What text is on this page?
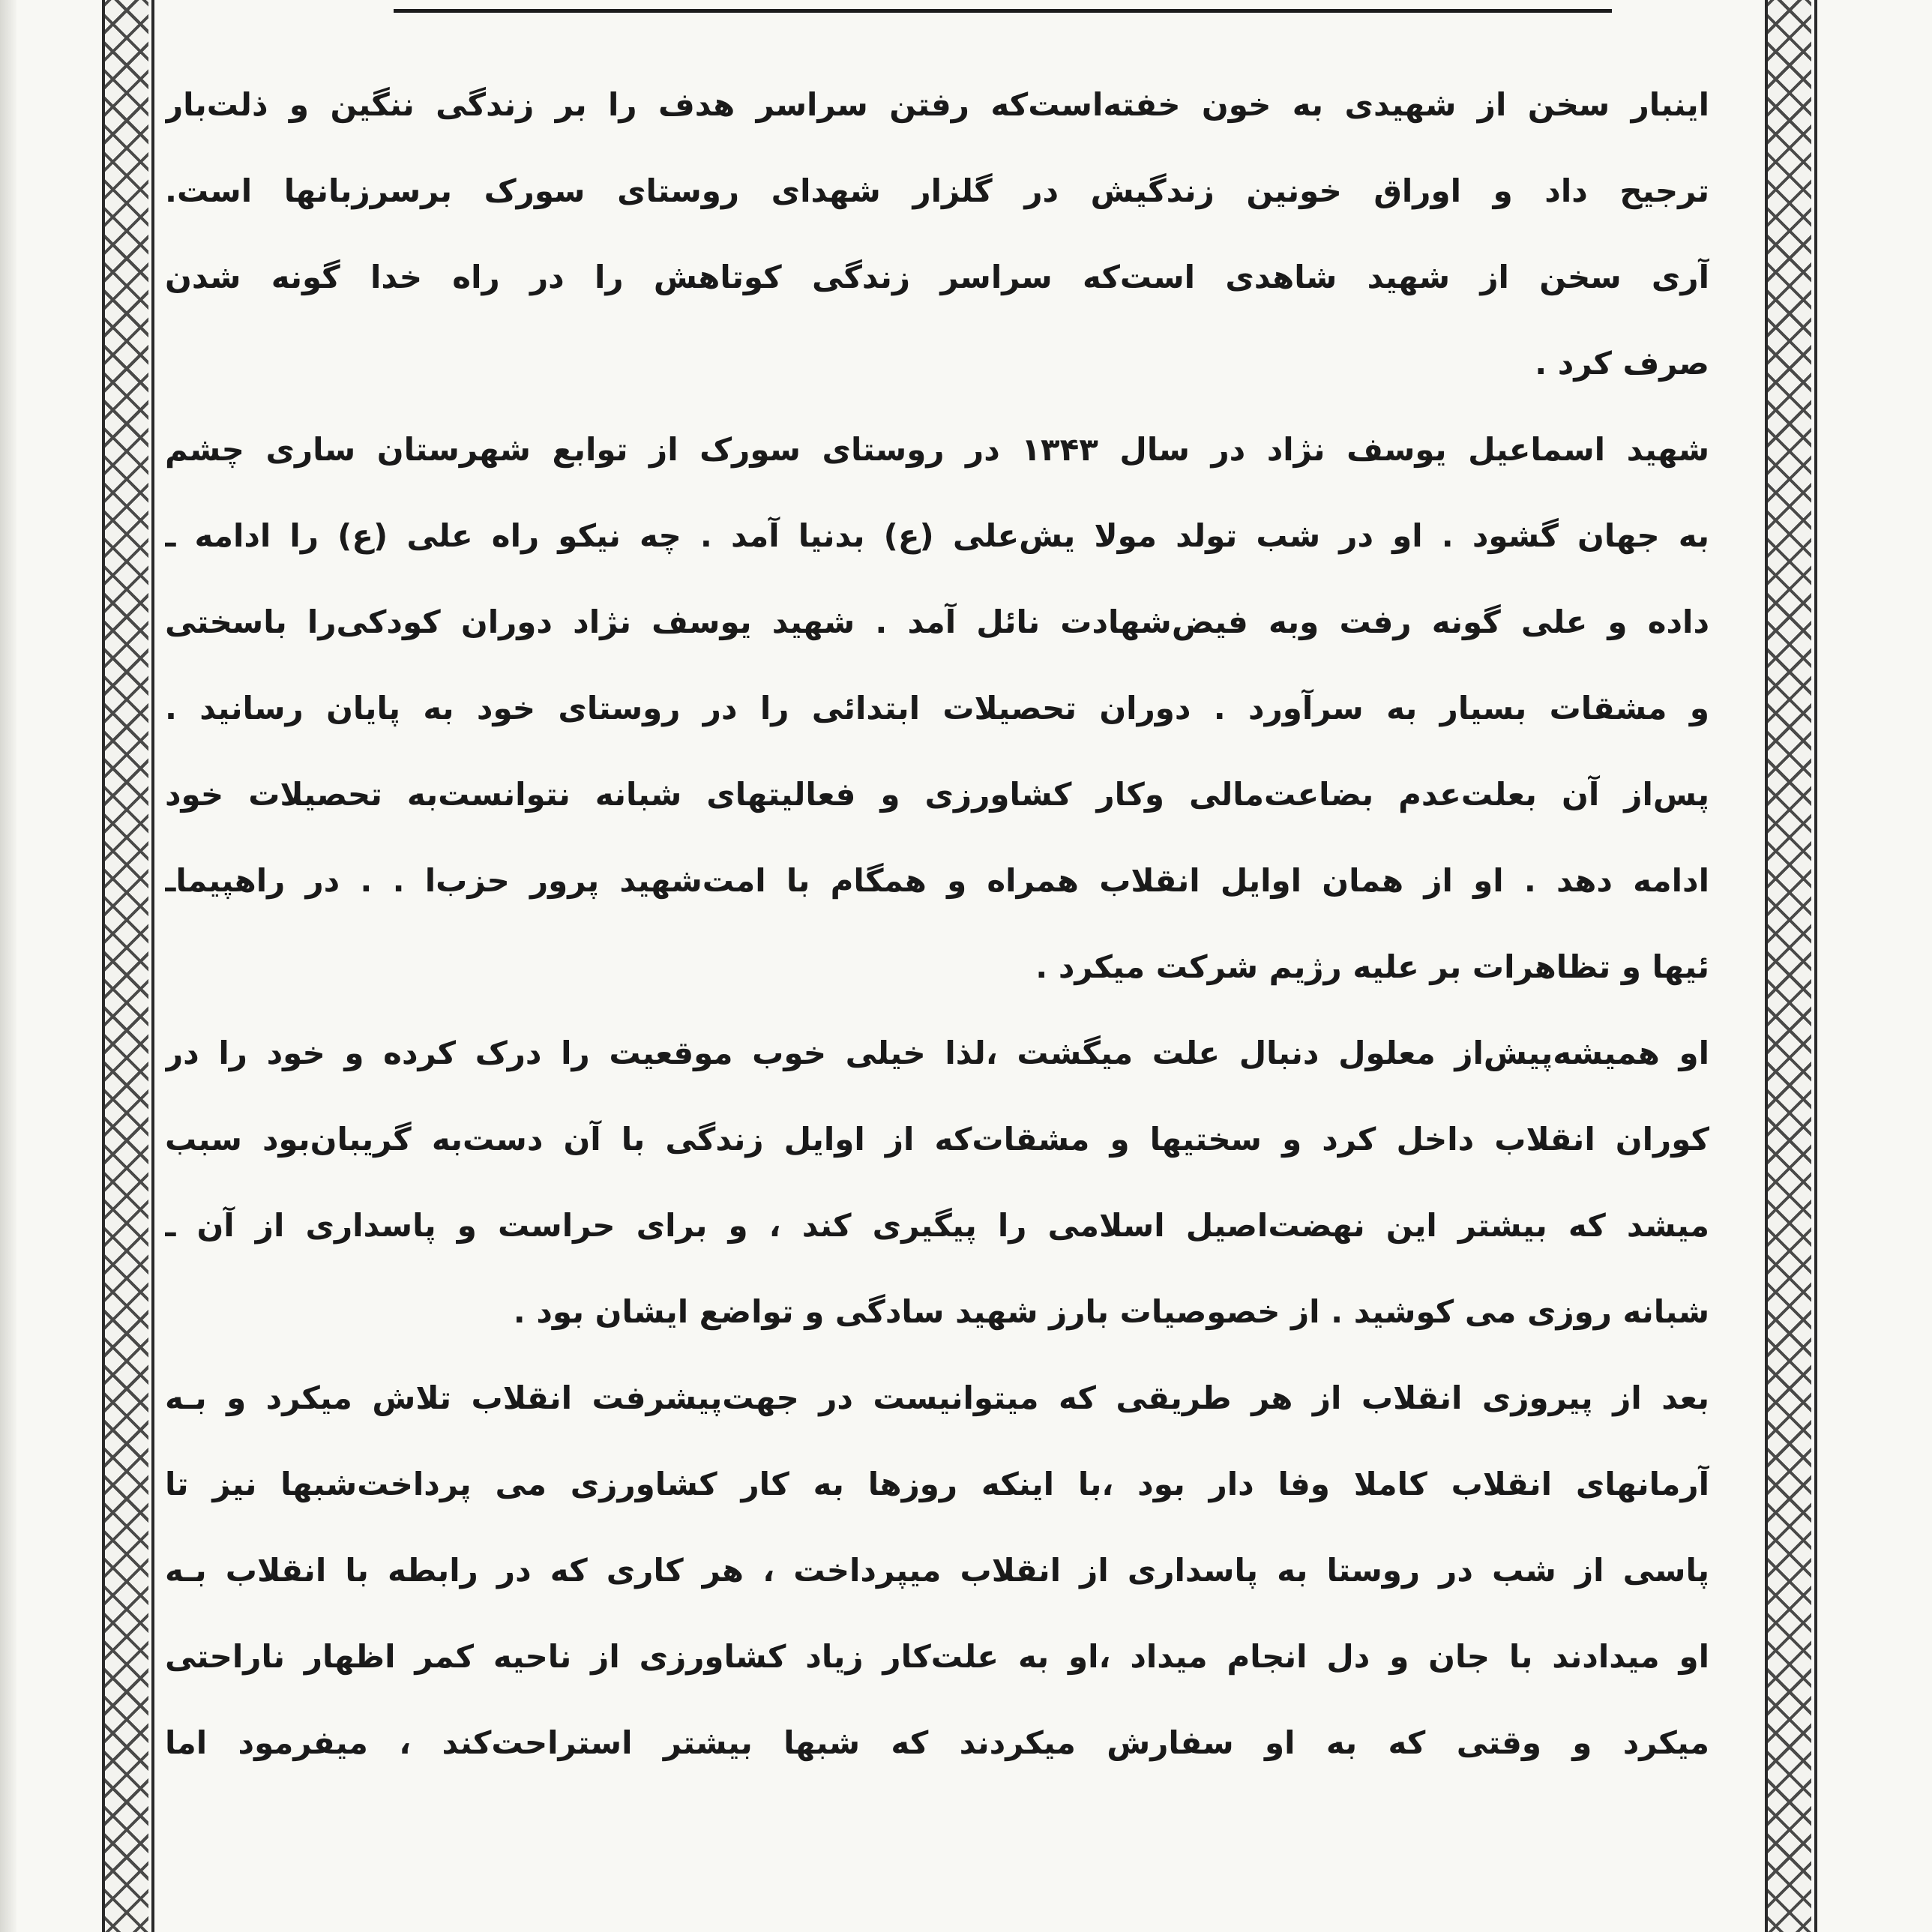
اینبار سخن از شهیدی به خون خفته‌است‌که رفتن سراسر هدف را بر زندگی ننگین و ذلت‌بار
ترجیح داد و اوراق خونین زندگیش در گلزار شهدای روستای سورک برسرزبانها است.
آری سخن از شهید شاهدی است‌که سراسر زندگی کوتاهش را در راه خدا گونه شدن
صرف کرد .
شهید اسماعیل یوسف نژاد در سال ۱۳۴۳ در روستای سورک از توابع شهرستان ساری چشم
به جهان گشود . او در شب تولد مولا یش‌علی (ع) بدنیا آمد . چه نیکو راه علی (ع) را ادامه ـ
داده و علی گونه رفت وبه فیض‌شهادت نائل آمد . شهید یوسف نژاد دوران کودکی‌را باسختی
و مشقات بسیار به سرآورد . دوران تحصیلات ابتدائی را در روستای خود به پایان رسانید .
پس‌از آن بعلت‌عدم بضاعت‌مالی وکار کشاورزی و فعالیتهای شبانه نتوانست‌به تحصیلات خود
ادامه دهد . او از همان اوایل انقلاب همراه و همگام با امت‌شهید پرور حزب‌ا . . در راهپیماـ
ئیها و تظاهرات بر علیه رژیم شرکت میکرد .
او همیشه‌پیش‌از معلول دنبال علت میگشت ،لذا خیلی خوب موقعیت را درک کرده و خود را در
کوران انقلاب داخل کرد و سختیها و مشقات‌که از اوایل زندگی با آن دست‌به گریبان‌بود سبب
میشد که بیشتر این نهضت‌اصیل اسلامی را پیگیری کند ، و برای حراست و پاسداری از آن ـ
شبانه روزی می کوشید . از خصوصیات بارز شهید سادگی و تواضع ایشان بود .
بعد از پیروزی انقلاب از هر طریقی که میتوانیست در جهت‌پیشرفت انقلاب تلاش میکرد و بـه
آرمانهای انقلاب کاملا وفا دار بود ،با اینکه روزها به کار کشاورزی می پرداخت‌شبها نیز تا
پاسی از شب در روستا به پاسداری از انقلاب میپرداخت ، هر کاری که در رابطه با انقلاب بـه
او میدادند با جان و دل انجام میداد ،او به علت‌کار زیاد کشاورزی از ناحیه کمر اظهار ناراحتی
میکرد و وقتی که به او سفارش میکردند که شبها بیشتر استراحت‌کند ، میفرمود اما
